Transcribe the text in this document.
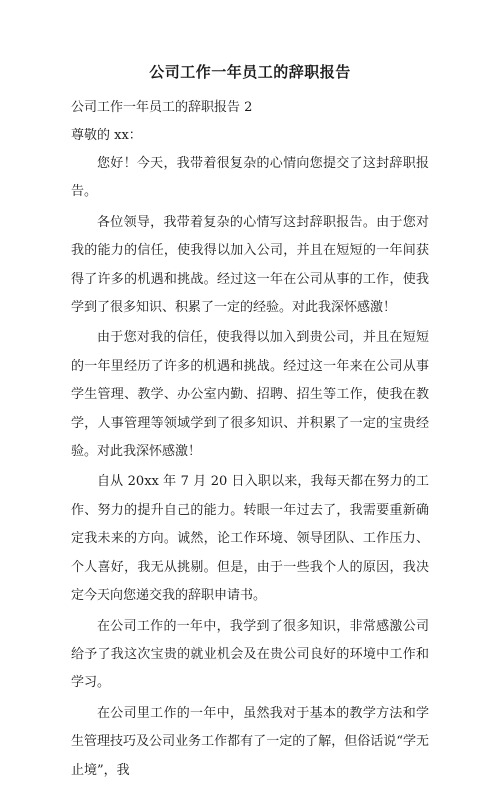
公司工作一年员工的辞职报告

公司工作一年员工的辞职报告 2

尊敬的 xx：

您好！今天，我带着很复杂的心情向您提交了这封辞职报告。

各位领导，我带着复杂的心情写这封辞职报告。由于您对我的能力的信任，使我得以加入公司，并且在短短的一年间获得了许多的机遇和挑战。经过这一年在公司从事的工作，使我学到了很多知识、积累了一定的经验。对此我深怀感激！

由于您对我的信任，使我得以加入到贵公司，并且在短短的一年里经历了许多的机遇和挑战。经过这一年来在公司从事学生管理、教学、办公室内勤、招聘、招生等工作，使我在教学，人事管理等领域学到了很多知识、并积累了一定的宝贵经验。对此我深怀感激！

自从 20xx 年 7 月 20 日入职以来，我每天都在努力的工作、努力的提升自己的能力。转眼一年过去了，我需要重新确定我未来的方向。诚然，论工作环境、领导团队、工作压力、个人喜好，我无从挑剔。但是，由于一些我个人的原因，我决定今天向您递交我的辞职申请书。

在公司工作的一年中，我学到了很多知识，非常感激公司给予了我这次宝贵的就业机会及在贵公司良好的环境中工作和学习。

在公司里工作的一年中，虽然我对于基本的教学方法和学生管理技巧及公司业务工作都有了一定的了解，但俗话说“学无止境”，我
